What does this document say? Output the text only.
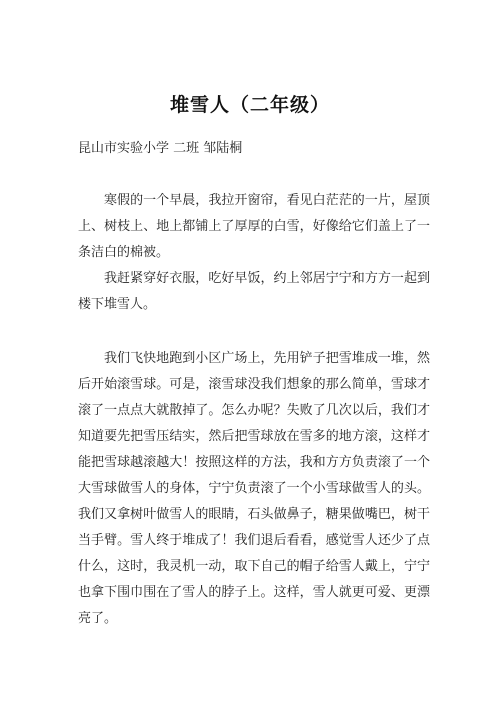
堆雪人（二年级）
昆山市实验小学 二班 邹陆桐

寒假的一个早晨，我拉开窗帘，看见白茫茫的一片，屋顶上、树枝上、地上都铺上了厚厚的白雪，好像给它们盖上了一条洁白的棉被。

我赶紧穿好衣服，吃好早饭，约上邻居宁宁和方方一起到楼下堆雪人。

我们飞快地跑到小区广场上，先用铲子把雪堆成一堆，然后开始滚雪球。可是，滚雪球没我们想象的那么简单，雪球才滚了一点点大就散掉了。怎么办呢？失败了几次以后，我们才知道要先把雪压结实，然后把雪球放在雪多的地方滚，这样才能把雪球越滚越大！按照这样的方法，我和方方负责滚了一个大雪球做雪人的身体，宁宁负责滚了一个小雪球做雪人的头。我们又拿树叶做雪人的眼睛，石头做鼻子，糖果做嘴巴，树干当手臂。雪人终于堆成了！我们退后看看，感觉雪人还少了点什么，这时，我灵机一动，取下自己的帽子给雪人戴上，宁宁也拿下围巾围在了雪人的脖子上。这样，雪人就更可爱、更漂亮了。
